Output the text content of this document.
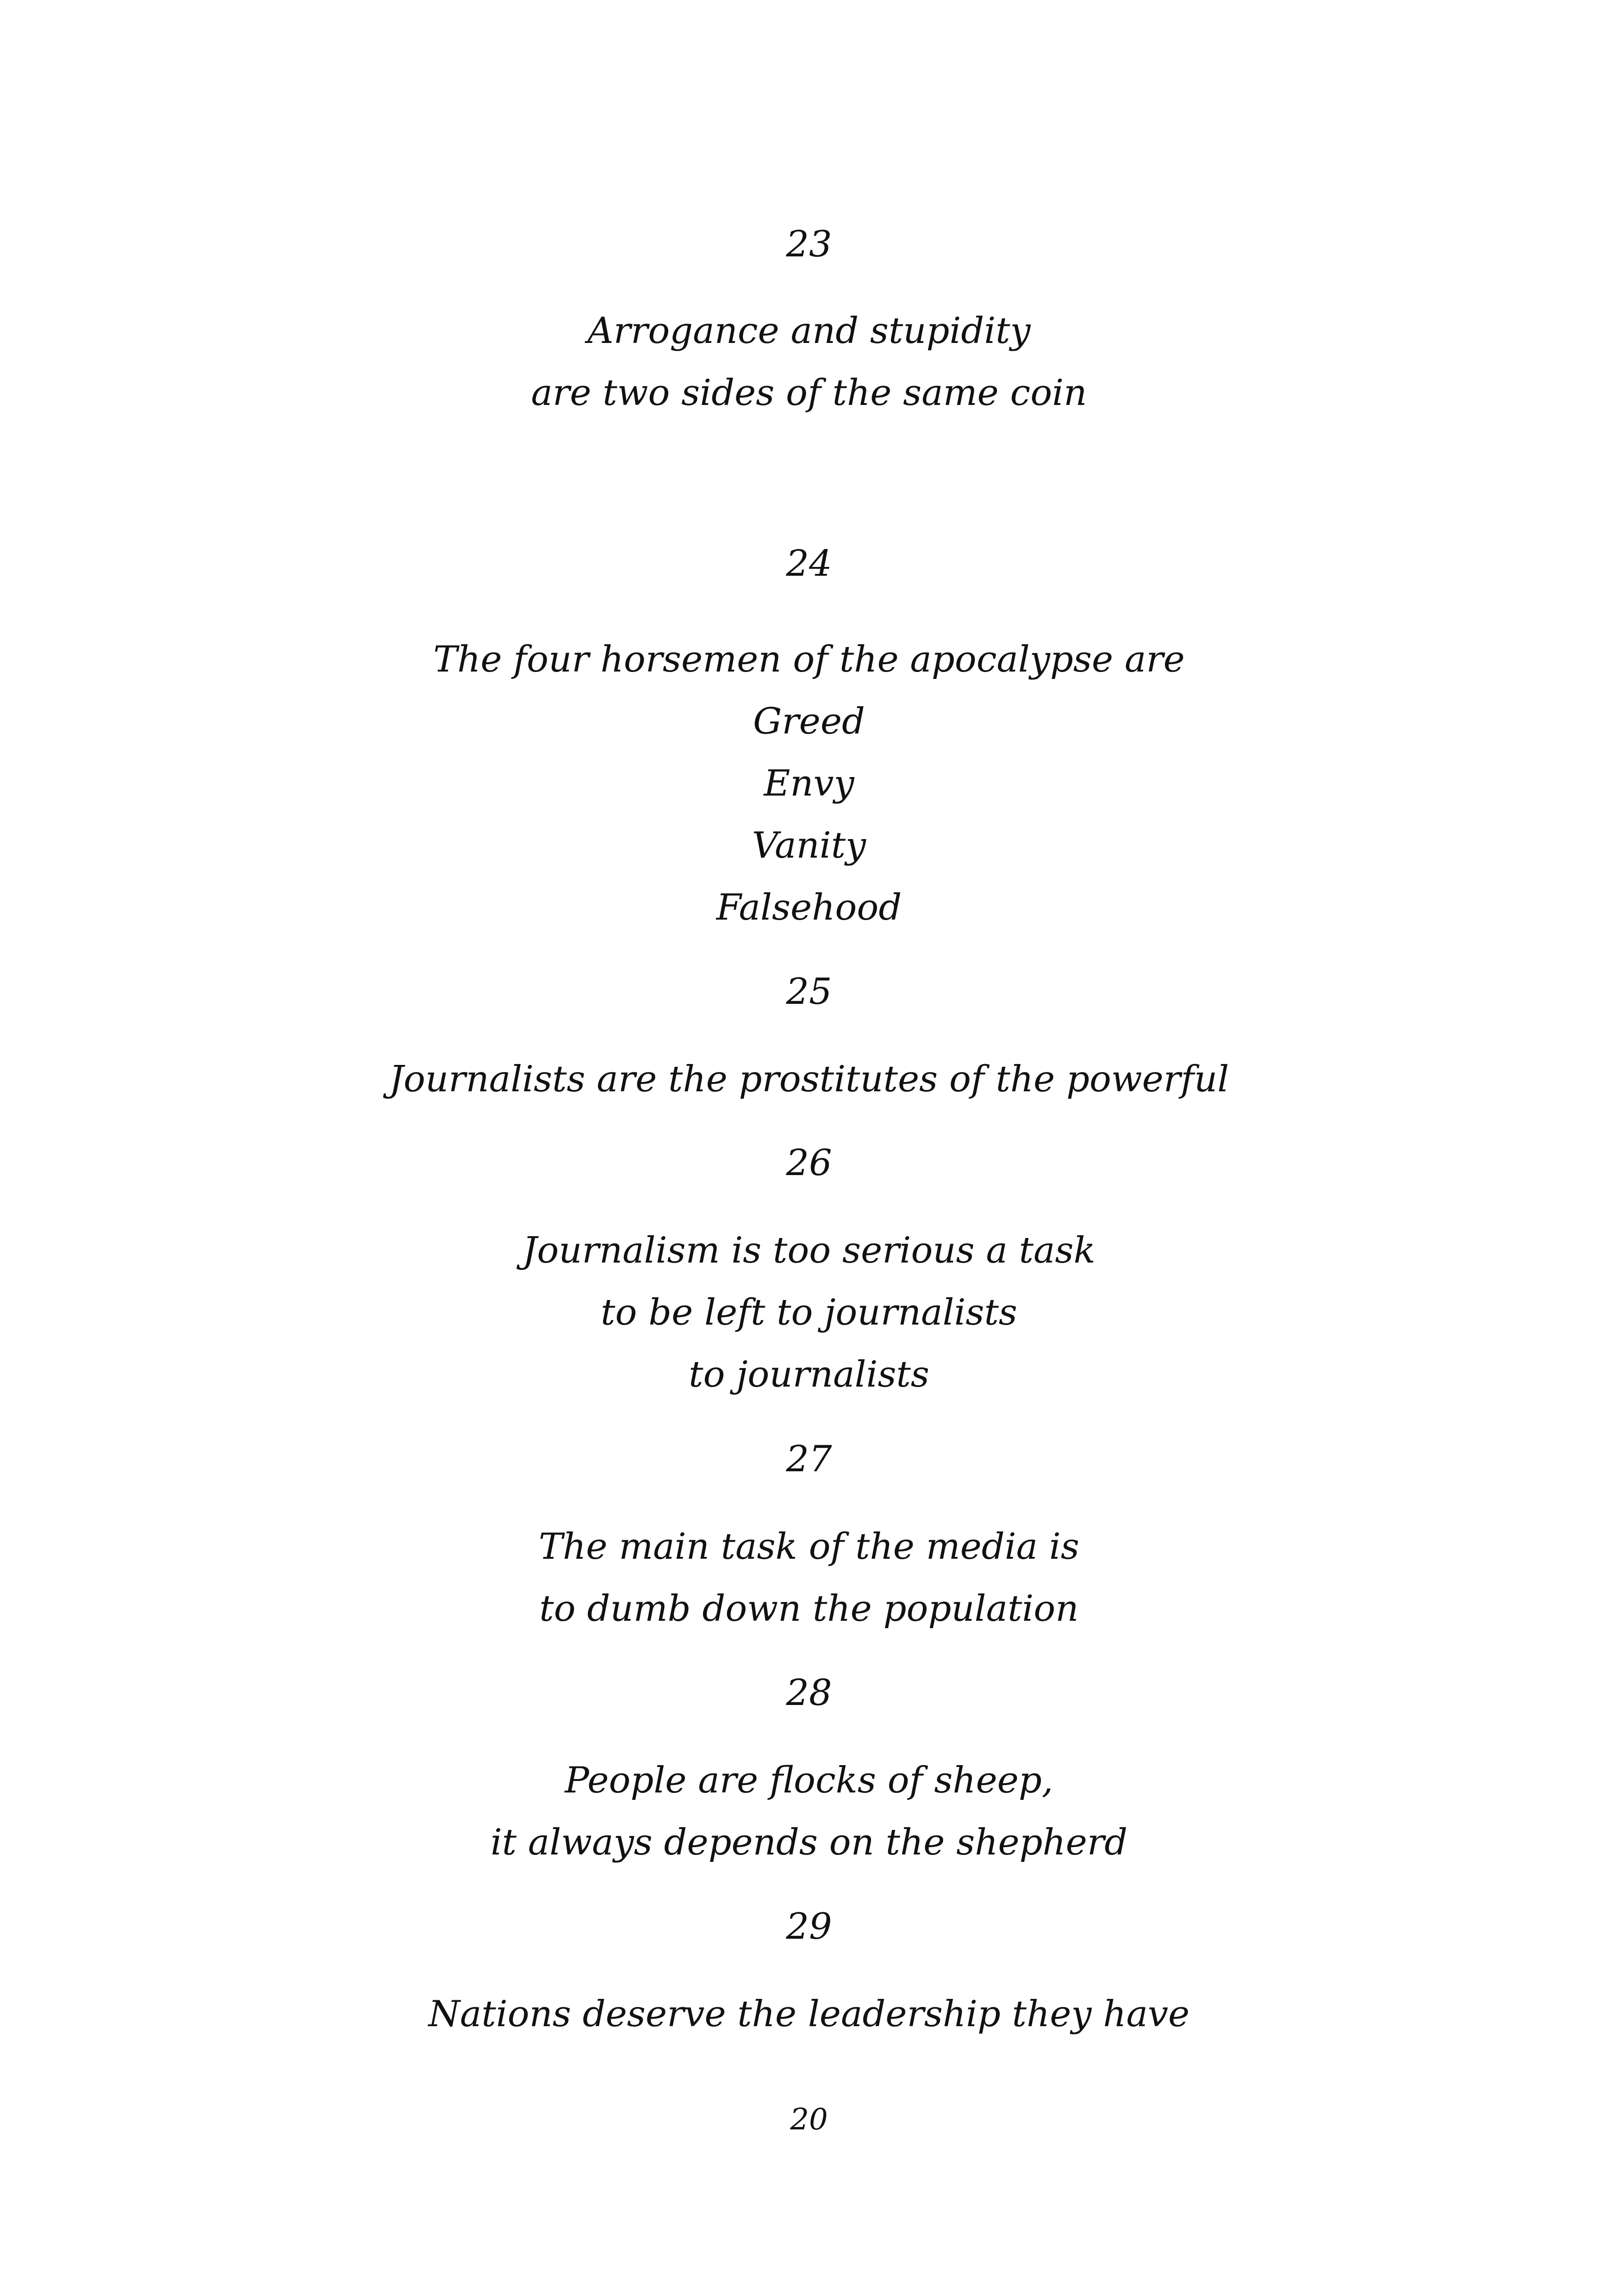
23
Arrogance and stupidity
are two sides of the same coin
24
The four horsemen of the apocalypse are
Greed
Envy
Vanity
Falsehood
25
Journalists are the prostitutes of the powerful
26
Journalism is too serious a task
to be left to journalists
to journalists
27
The main task of the media is
to dumb down the population
28
People are flocks of sheep,
it always depends on the shepherd
29
Nations deserve the leadership they have
20
